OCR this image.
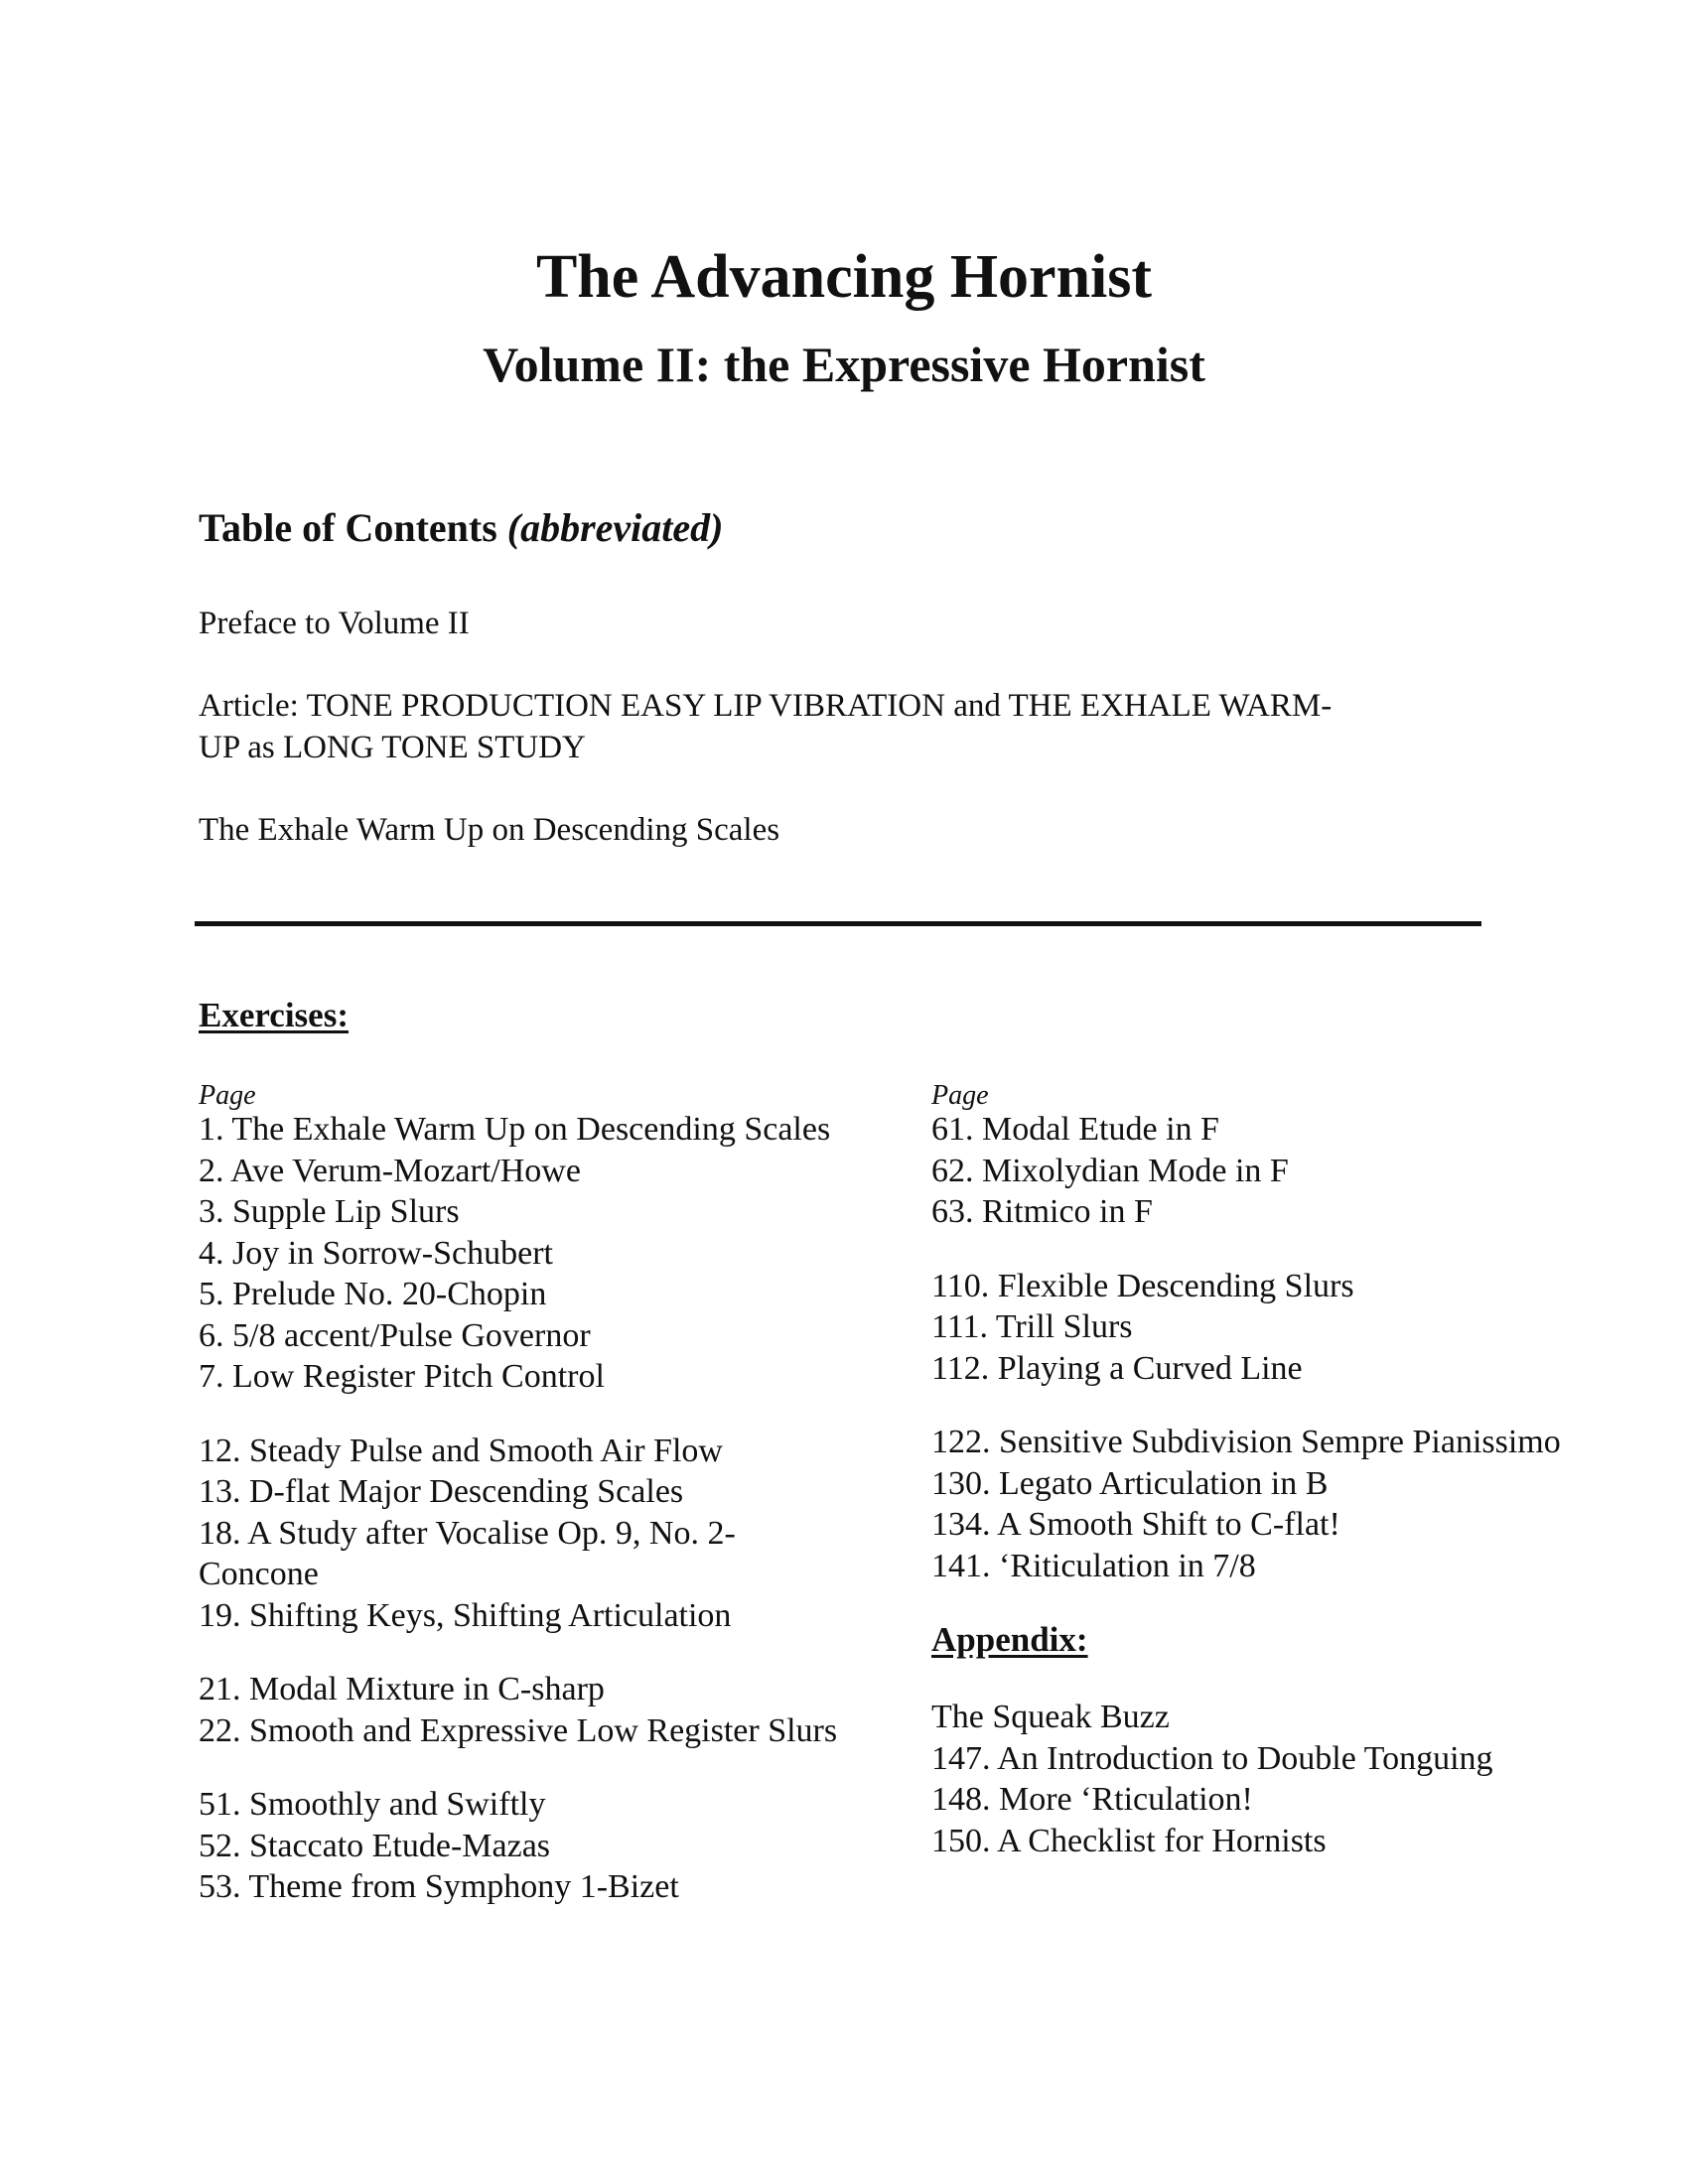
The Advancing Hornist
Volume II: the Expressive Hornist
Table of Contents (abbreviated)

Preface to Volume II

Article: TONE PRODUCTION EASY LIP VIBRATION and THE EXHALE WARM-

UP as LONG TONE STUDY

The Exhale Warm Up on Descending Scales

Exercises:

Page	Page

1. The Exhale Warm Up on Descending Scales
2. Ave Verum-Mozart/Howe
3. Supple Lip Slurs
4. Joy in Sorrow-Schubert
5. Prelude No. 20-Chopin
6. 5/8 accent/Pulse Governor
7. Low Register Pitch Control
12. Steady Pulse and Smooth Air Flow
13. D-flat Major Descending Scales
18. A Study after Vocalise Op. 9, No. 2-
Concone
19. Shifting Keys, Shifting Articulation
21. Modal Mixture in C-sharp
22. Smooth and Expressive Low Register Slurs
51. Smoothly and Swiftly
52. Staccato Etude-Mazas
53. Theme from Symphony 1-Bizet
61. Modal Etude in F
62. Mixolydian Mode in F
63. Ritmico in F
110. Flexible Descending Slurs
111. Trill Slurs
112. Playing a Curved Line
122. Sensitive Subdivision Sempre Pianissimo
130. Legato Articulation in B
134. A Smooth Shift to C-flat!
141. ‘Riticulation in 7/8
Appendix:
The Squeak Buzz
147. An Introduction to Double Tonguing
148. More ‘Rticulation!
150. A Checklist for Hornists
